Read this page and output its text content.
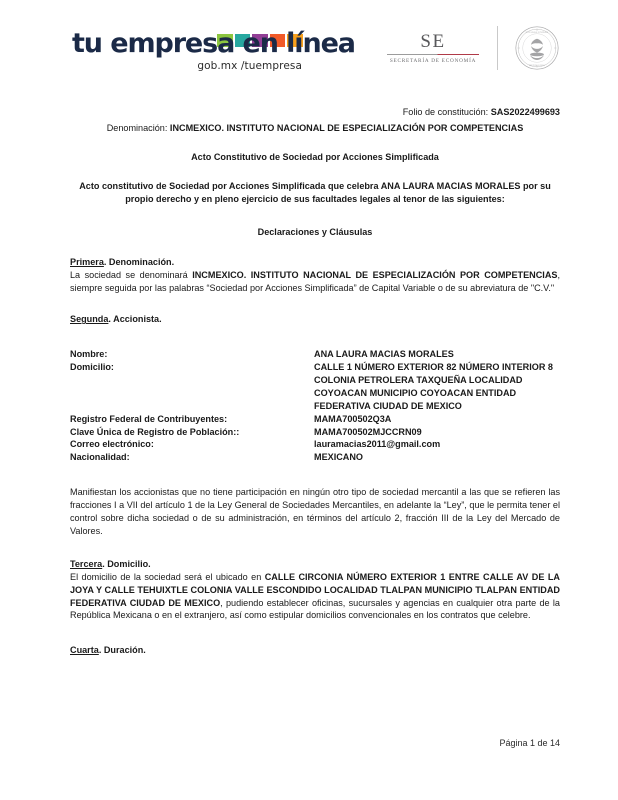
tu empresa en línea
gob.mx /tuempresa
SE
SECRETARÍA DE ECONOMÍA
ESTADOS UNIDOS
MEXICANOS
Folio de constitución: SAS2022499693
Denominación: INCMEXICO. INSTITUTO NACIONAL DE ESPECIALIZACIÓN POR COMPETENCIAS
Acto Constitutivo de Sociedad por Acciones Simplificada
Acto constitutivo de Sociedad por Acciones Simplificada que celebra ANA LAURA MACIAS MORALES por su propio derecho y en pleno ejercicio de sus facultades legales al tenor de las siguientes:
Declaraciones y Cláusulas
Primera. Denominación.

La sociedad se denominará INCMEXICO. INSTITUTO NACIONAL DE ESPECIALIZACIÓN POR COMPETENCIAS, siempre seguida por las palabras “Sociedad por Acciones Simplificada” de Capital Variable o de su abreviatura de "C.V."

Segunda. Accionista.
Nombre:	ANA LAURA MACIAS MORALES

Domicilio:	CALLE 1 NÚMERO EXTERIOR 82 NÚMERO INTERIOR 8
COLONIA PETROLERA TAXQUEÑA LOCALIDAD
COYOACAN MUNICIPIO COYOACAN ENTIDAD
FEDERATIVA CIUDAD DE MEXICO

Registro Federal de Contribuyentes:	MAMA700502Q3A

Clave Única de Registro de Población::	MAMA700502MJCCRN09

Correo electrónico:	lauramacias2011@gmail.com

Nacionalidad:	MEXICANO

Manifiestan los accionistas que no tiene participación en ningún otro tipo de sociedad mercantil a las que se refieren las fracciones I a VII del artículo 1 de la Ley General de Sociedades Mercantiles, en adelante la “Ley”, que le permita tener el control sobre dicha sociedad o de su administración, en términos del artículo 2, fracción III de la Ley del Mercado de Valores.

Tercera. Domicilio.

El domicilio de la sociedad será el ubicado en CALLE CIRCONIA NÚMERO EXTERIOR 1 ENTRE CALLE AV DE LA JOYA Y CALLE TEHUIXTLE COLONIA VALLE ESCONDIDO LOCALIDAD TLALPAN MUNICIPIO TLALPAN ENTIDAD FEDERATIVA CIUDAD DE MEXICO, pudiendo establecer oficinas, sucursales y agencias en cualquier otra parte de la República Mexicana o en el extranjero, así como estipular domicilios convencionales en los contratos que celebre.

Cuarta. Duración.
Página 1 de 14
